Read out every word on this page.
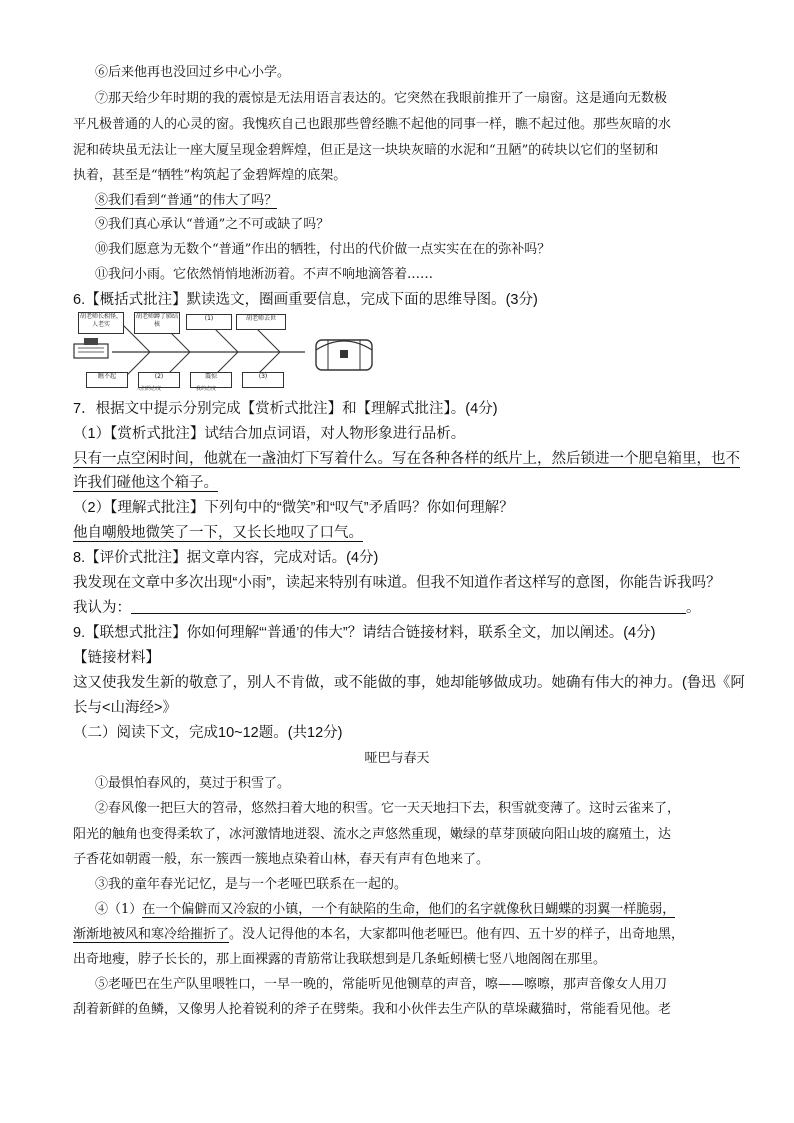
⑥后来他再也没回过乡中心小学。
⑦那天给少年时期的我的震惊是无法用语言表达的。它突然在我眼前推开了一扇窗。这是通向无数极
平凡极普通的人的心灵的窗。我愧疚自己也跟那些曾经瞧不起他的同事一样，瞧不起过他。那些灰暗的水
泥和砖块虽无法让一座大厦呈现金碧辉煌，但正是这一块块灰暗的水泥和“丑陋”的砖块以它们的坚韧和
执着，甚至是“牺牲”构筑起了金碧辉煌的底架。
⑧我们看到“普通”的伟大了吗？
⑨我们真心承认“普通”之不可或缺了吗？
⑩我们愿意为无数个“普通”作出的牺牲，付出的代价做一点实实在在的弥补吗？
⑪我问小雨。它依然悄悄地淅沥着。不声不响地滴答着……
6.【概括式批注】默读选文，圈画重要信息，完成下面的思维导图。(3分)
胡老师长相怪，人老实
胡老师蹲了肺结核
(1)	胡老师去世
瞧不起	(2)	震惊	(3)
人们的态度　　　　　　　我的态度
7．根据文中提示分别完成【赏析式批注】和【理解式批注】。(4分)
（1）【赏析式批注】试结合加点词语，对人物形象进行品析。
只有一点空闲时间，他就在一盏油灯下写着什么。写在各种各样的纸片上，然后锁进一个肥皂箱里，也不
许我们碰他这个箱子。
（2）【理解式批注】下列句中的“微笑”和“叹气”矛盾吗？你如何理解？
他自嘲般地微笑了一下，又长长地叹了口气。
8.【评价式批注】据文章内容，完成对话。(4分)
我发现在文章中多次出现“小雨”，读起来特别有味道。但我不知道作者这样写的意图，你能告诉我吗？
我认为：	。
9.【联想式批注】你如何理解“‘普通’的伟大”？请结合链接材料，联系全文，加以阐述。(4分)
【链接材料】
这又使我发生新的敬意了，别人不肯做，或不能做的事，她却能够做成功。她确有伟大的神力。(鲁迅《阿
长与<山海经>》
（二）阅读下文，完成10~12题。(共12分)
哑巴与春天
①最惧怕春风的，莫过于积雪了。
②春风像一把巨大的笤帚，悠然扫着大地的积雪。它一天天地扫下去，积雪就变薄了。这时云雀来了，
阳光的触角也变得柔软了，冰河激情地迸裂、流水之声悠然重现，嫩绿的草芽顶破向阳山坡的腐殖土，达
子香花如朝霞一般，东一簇西一簇地点染着山林，春天有声有色地来了。
③我的童年春光记忆，是与一个老哑巴联系在一起的。
④（1）在一个偏僻而又冷寂的小镇，一个有缺陷的生命，他们的名字就像秋日蝴蝶的羽翼一样脆弱，
渐渐地被风和寒冷给摧折了。没人记得他的本名，大家都叫他老哑巴。他有四、五十岁的样子，出奇地黑，
出奇地瘦，脖子长长的，那上面裸露的青筋常让我联想到是几条蚯蚓横七竖八地阁阁在那里。
⑤老哑巴在生产队里喂牲口，一早一晚的，常能听见他铡草的声音，嚓——嚓嚓，那声音像女人用刀
刮着新鲜的鱼鳞，又像男人抡着锐利的斧子在劈柴。我和小伙伴去生产队的草垛藏猫时，常能看见他。老
